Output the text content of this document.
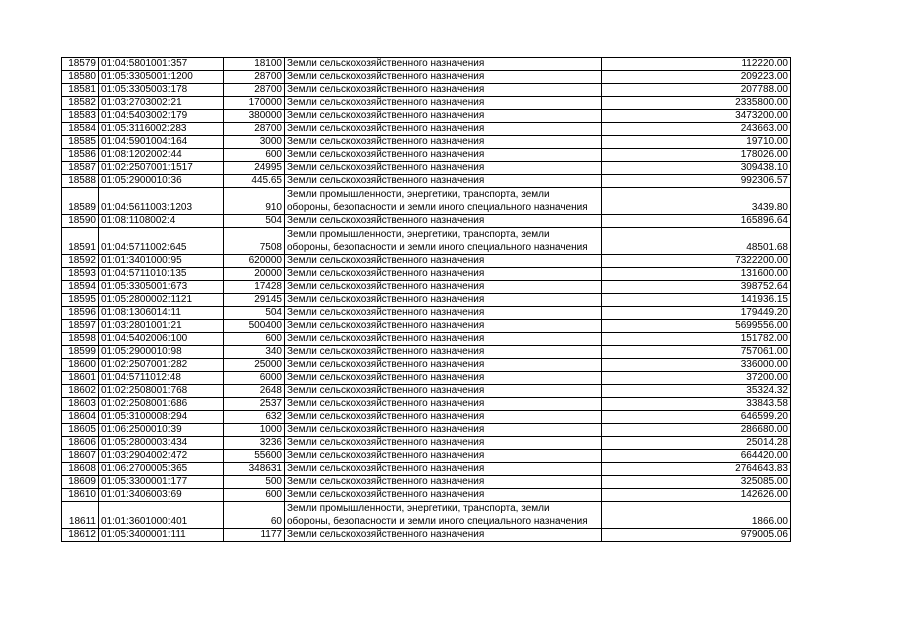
18579	01:04:5801001:357	18100	Земли сельскохозяйственного назначения	112220.00
18580	01:05:3305001:1200	28700	Земли сельскохозяйственного назначения	209223.00
18581	01:05:3305003:178	28700	Земли сельскохозяйственного назначения	207788.00
18582	01:03:2703002:21	170000	Земли сельскохозяйственного назначения	2335800.00
18583	01:04:5403002:179	380000	Земли сельскохозяйственного назначения	3473200.00
18584	01:05:3116002:283	28700	Земли сельскохозяйственного назначения	243663.00
18585	01:04:5901004:164	3000	Земли сельскохозяйственного назначения	19710.00
18586	01:08:1202002:44	600	Земли сельскохозяйственного назначения	178026.00
18587	01:02:2507001:1517	24995	Земли сельскохозяйственного назначения	309438.10
18588	01:05:2900010:36	445.65	Земли сельскохозяйственного назначения	992306.57
18589	01:04:5611003:1203	910	Земли промышленности, энергетики, транспорта, земли обороны, безопасности и земли иного специального назначения	3439.80
18590	01:08:1108002:4	504	Земли сельскохозяйственного назначения	165896.64
18591	01:04:5711002:645	7508	Земли промышленности, энергетики, транспорта, земли обороны, безопасности и земли иного специального назначения	48501.68
18592	01:01:3401000:95	620000	Земли сельскохозяйственного назначения	7322200.00
18593	01:04:5711010:135	20000	Земли сельскохозяйственного назначения	131600.00
18594	01:05:3305001:673	17428	Земли сельскохозяйственного назначения	398752.64
18595	01:05:2800002:1121	29145	Земли сельскохозяйственного назначения	141936.15
18596	01:08:1306014:11	504	Земли сельскохозяйственного назначения	179449.20
18597	01:03:2801001:21	500400	Земли сельскохозяйственного назначения	5699556.00
18598	01:04:5402006:100	600	Земли сельскохозяйственного назначения	151782.00
18599	01:05:2900010:98	340	Земли сельскохозяйственного назначения	757061.00
18600	01:02:2507001:282	25000	Земли сельскохозяйственного назначения	336000.00
18601	01:04:5711012:48	6000	Земли сельскохозяйственного назначения	37200.00
18602	01:02:2508001:768	2648	Земли сельскохозяйственного назначения	35324.32
18603	01:02:2508001:686	2537	Земли сельскохозяйственного назначения	33843.58
18604	01:05:3100008:294	632	Земли сельскохозяйственного назначения	646599.20
18605	01:06:2500010:39	1000	Земли сельскохозяйственного назначения	286680.00
18606	01:05:2800003:434	3236	Земли сельскохозяйственного назначения	25014.28
18607	01:03:2904002:472	55600	Земли сельскохозяйственного назначения	664420.00
18608	01:06:2700005:365	348631	Земли сельскохозяйственного назначения	2764643.83
18609	01:05:3300001:177	500	Земли сельскохозяйственного назначения	325085.00
18610	01:01:3406003:69	600	Земли сельскохозяйственного назначения	142626.00
18611	01:01:3601000:401	60	Земли промышленности, энергетики, транспорта, земли обороны, безопасности и земли иного специального назначения	1866.00
18612	01:05:3400001:111	1177	Земли сельскохозяйственного назначения	979005.06
